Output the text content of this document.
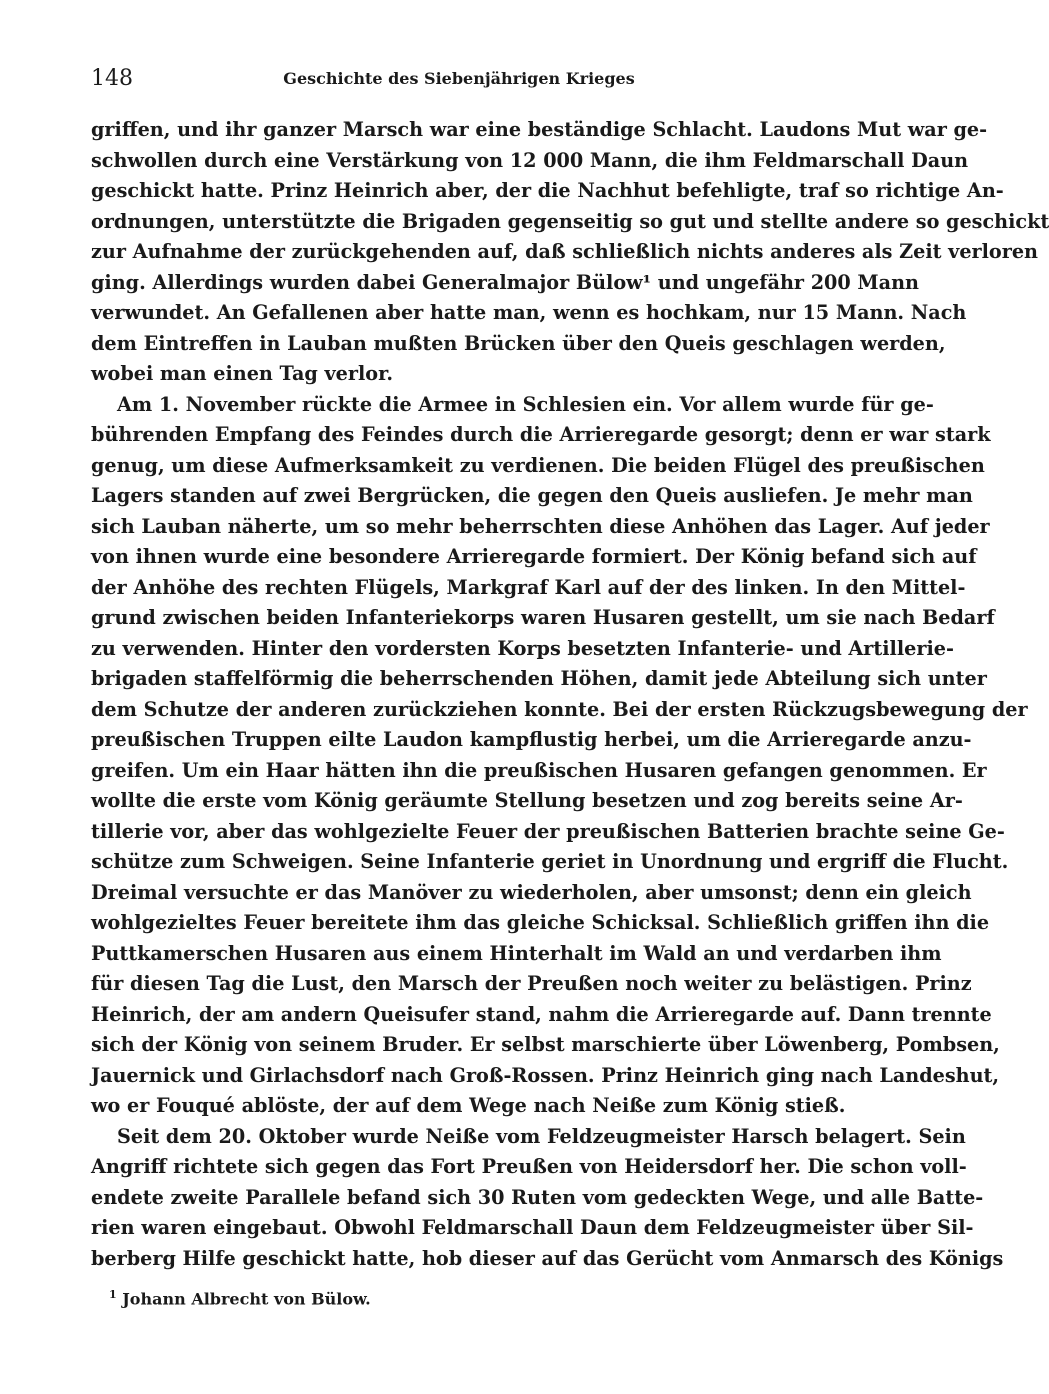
148	Geschichte des Siebenjährigen Krieges

griffen, und ihr ganzer Marsch war eine beständige Schlacht. Laudons Mut war ge-
schwollen durch eine Verstärkung von 12 000 Mann, die ihm Feldmarschall Daun
geschickt hatte. Prinz Heinrich aber, der die Nachhut befehligte, traf so richtige An-
ordnungen, unterstützte die Brigaden gegenseitig so gut und stellte andere so geschickt
zur Aufnahme der zurückgehenden auf, daß schließlich nichts anderes als Zeit verloren
ging. Allerdings wurden dabei Generalmajor Bülow¹ und ungefähr 200 Mann
verwundet. An Gefallenen aber hatte man, wenn es hochkam, nur 15 Mann. Nach
dem Eintreffen in Lauban mußten Brücken über den Queis geschlagen werden,
wobei man einen Tag verlor.

Am 1. November rückte die Armee in Schlesien ein. Vor allem wurde für ge-
bührenden Empfang des Feindes durch die Arrieregarde gesorgt; denn er war stark
genug, um diese Aufmerksamkeit zu verdienen. Die beiden Flügel des preußischen
Lagers standen auf zwei Bergrücken, die gegen den Queis ausliefen. Je mehr man
sich Lauban näherte, um so mehr beherrschten diese Anhöhen das Lager. Auf jeder
von ihnen wurde eine besondere Arrieregarde formiert. Der König befand sich auf
der Anhöhe des rechten Flügels, Markgraf Karl auf der des linken. In den Mittel-
grund zwischen beiden Infanteriekorps waren Husaren gestellt, um sie nach Bedarf
zu verwenden. Hinter den vordersten Korps besetzten Infanterie- und Artillerie-
brigaden staffelförmig die beherrschenden Höhen, damit jede Abteilung sich unter
dem Schutze der anderen zurückziehen konnte. Bei der ersten Rückzugsbewegung der
preußischen Truppen eilte Laudon kampflustig herbei, um die Arrieregarde anzu-
greifen. Um ein Haar hätten ihn die preußischen Husaren gefangen genommen. Er
wollte die erste vom König geräumte Stellung besetzen und zog bereits seine Ar-
tillerie vor, aber das wohlgezielte Feuer der preußischen Batterien brachte seine Ge-
schütze zum Schweigen. Seine Infanterie geriet in Unordnung und ergriff die Flucht.
Dreimal versuchte er das Manöver zu wiederholen, aber umsonst; denn ein gleich
wohlgezieltes Feuer bereitete ihm das gleiche Schicksal. Schließlich griffen ihn die
Puttkamerschen Husaren aus einem Hinterhalt im Wald an und verdarben ihm
für diesen Tag die Lust, den Marsch der Preußen noch weiter zu belästigen. Prinz
Heinrich, der am andern Queisufer stand, nahm die Arrieregarde auf. Dann trennte
sich der König von seinem Bruder. Er selbst marschierte über Löwenberg, Pombsen,
Jauernick und Girlachsdorf nach Groß-Rossen. Prinz Heinrich ging nach Landeshut,
wo er Fouqué ablöste, der auf dem Wege nach Neiße zum König stieß.

Seit dem 20. Oktober wurde Neiße vom Feldzeugmeister Harsch belagert. Sein
Angriff richtete sich gegen das Fort Preußen von Heidersdorf her. Die schon voll-
endete zweite Parallele befand sich 30 Ruten vom gedeckten Wege, und alle Batte-
rien waren eingebaut. Obwohl Feldmarschall Daun dem Feldzeugmeister über Sil-
berberg Hilfe geschickt hatte, hob dieser auf das Gerücht vom Anmarsch des Königs

$^1$ Johann Albrecht von Bülow.
